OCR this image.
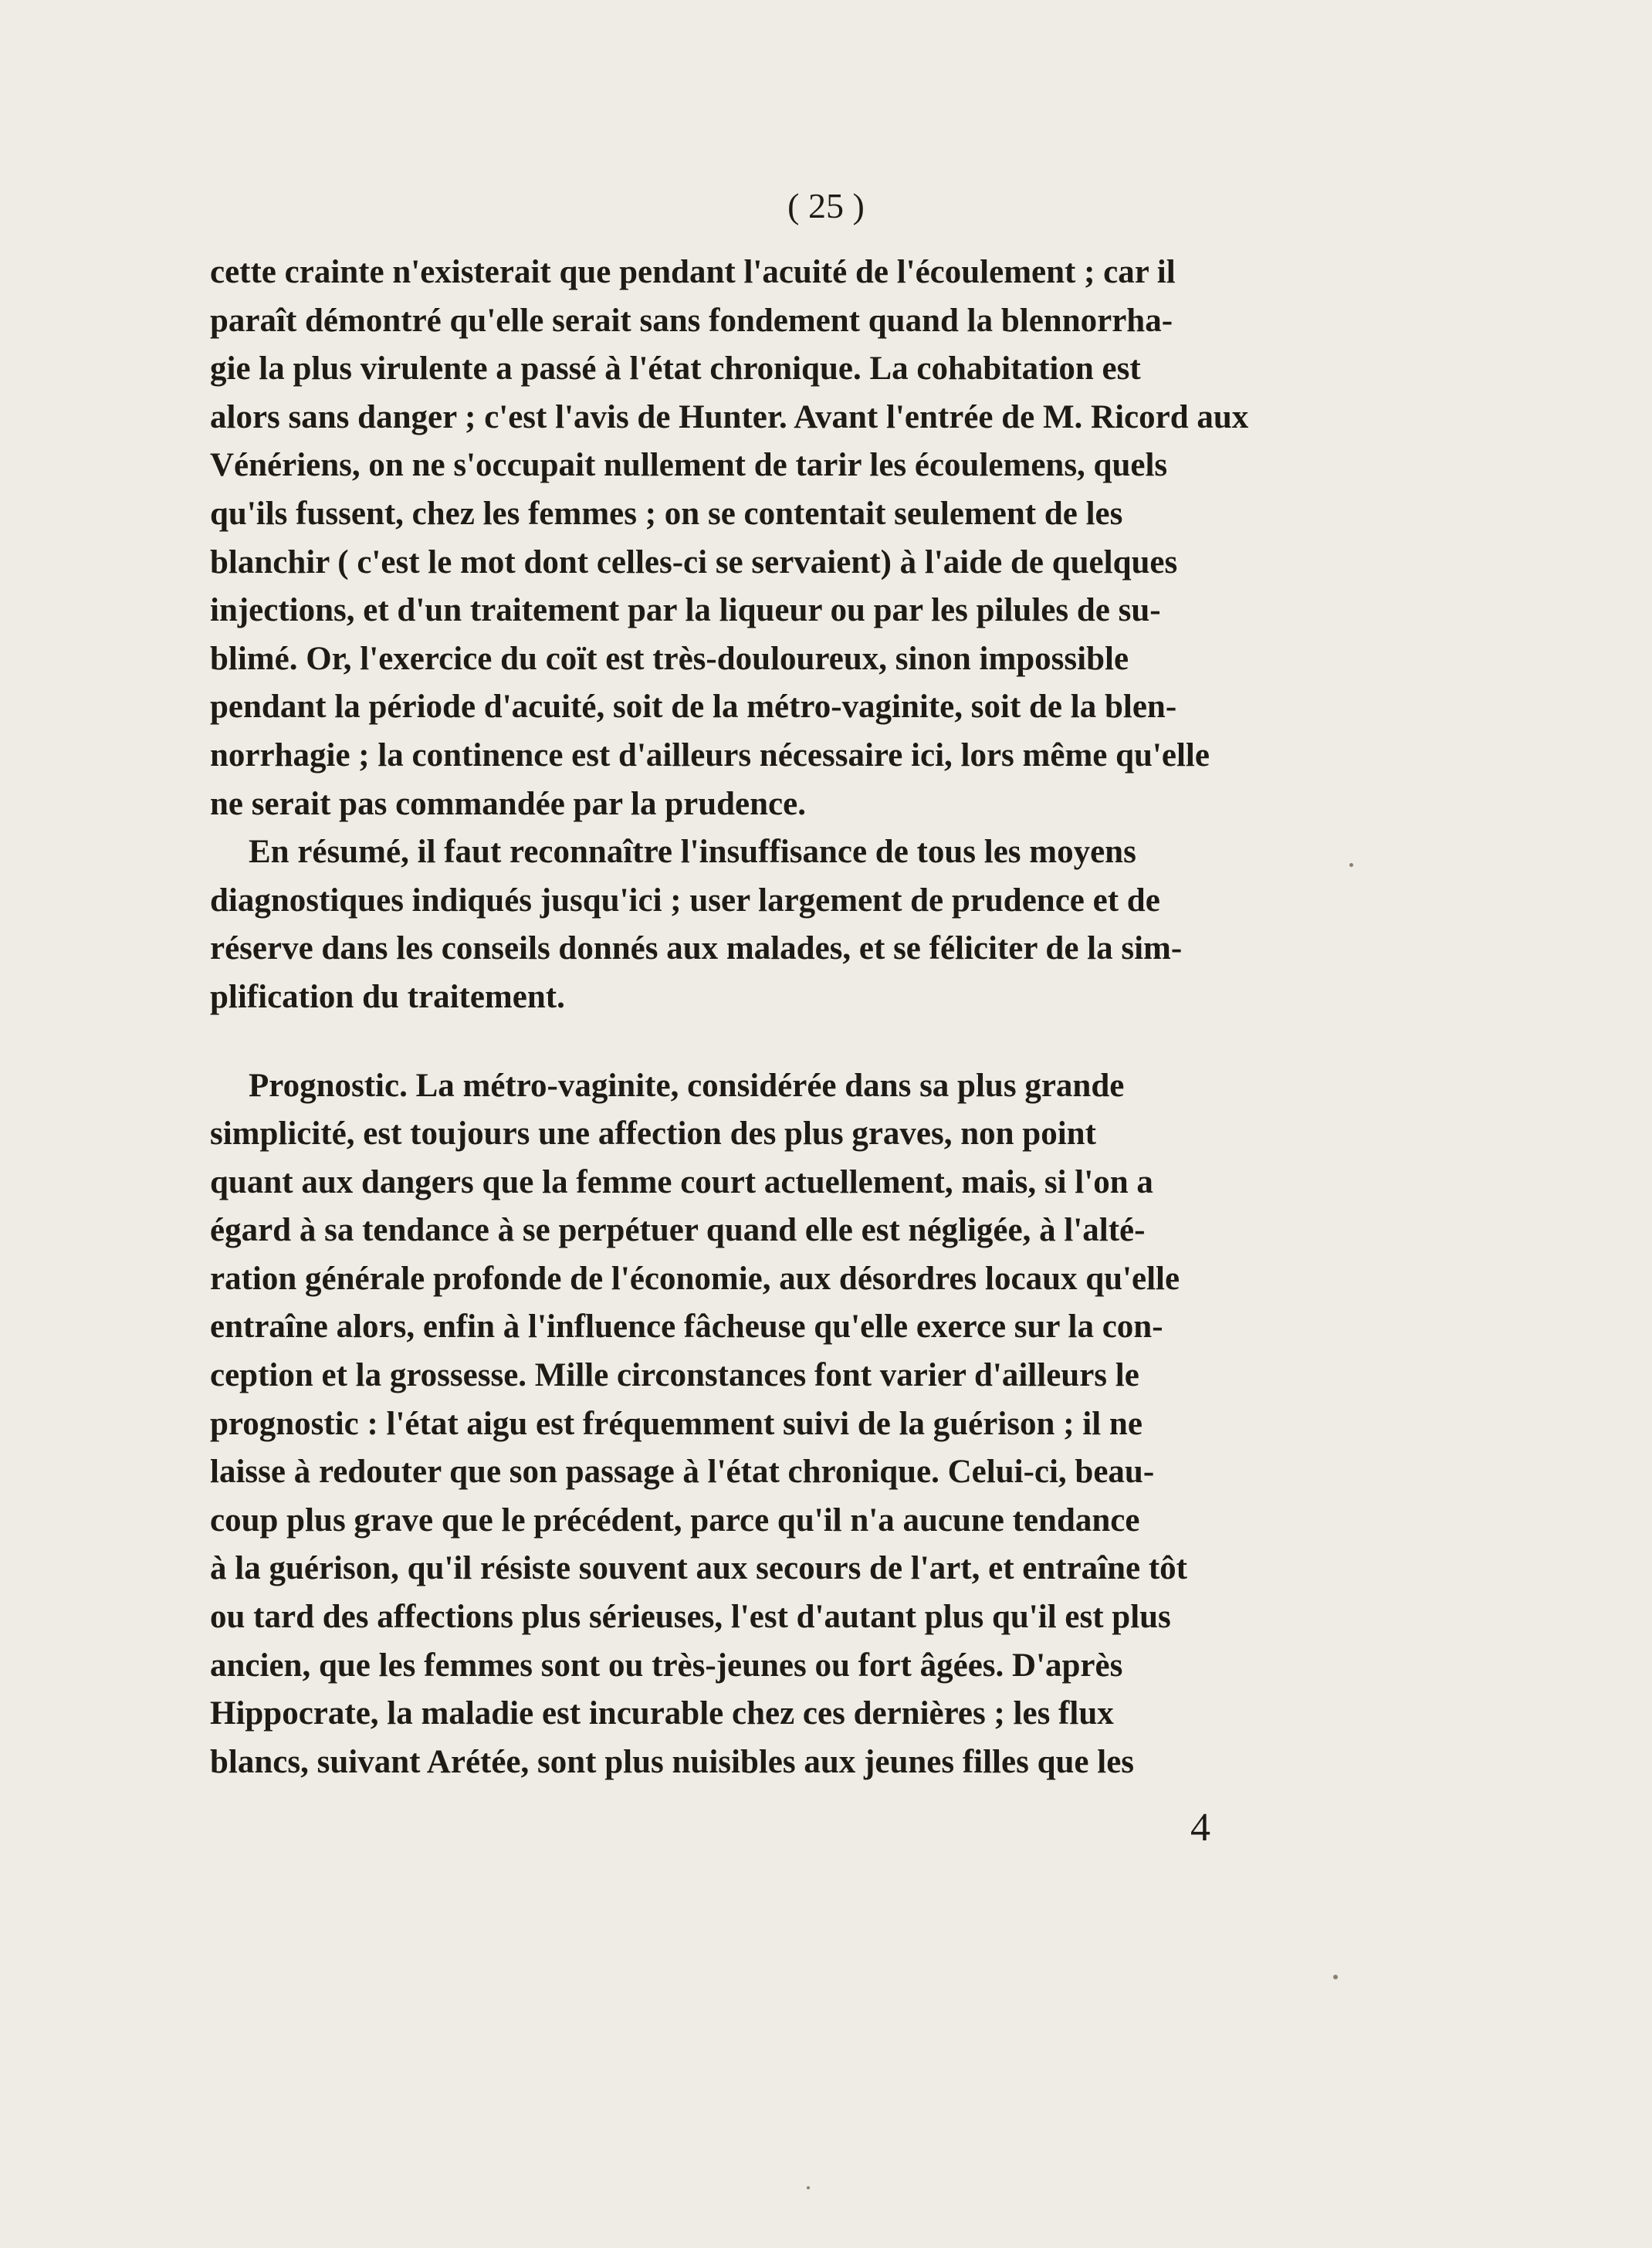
( 25 )

cette crainte n'existerait que pendant l'acuité de l'écoulement ; car il
paraît démontré qu'elle serait sans fondement quand la blennorrha-
gie la plus virulente a passé à l'état chronique. La cohabitation est
alors sans danger ; c'est l'avis de Hunter. Avant l'entrée de M. Ricord aux
Vénériens, on ne s'occupait nullement de tarir les écoulemens, quels
qu'ils fussent, chez les femmes ; on se contentait seulement de les
blanchir ( c'est le mot dont celles-ci se servaient) à l'aide de quelques
injections, et d'un traitement par la liqueur ou par les pilules de su-
blimé. Or, l'exercice du coït est très-douloureux, sinon impossible
pendant la période d'acuité, soit de la métro-vaginite, soit de la blen-
norrhagie ; la continence est d'ailleurs nécessaire ici, lors même qu'elle
ne serait pas commandée par la prudence.

En résumé, il faut reconnaître l'insuffisance de tous les moyens
diagnostiques indiqués jusqu'ici ; user largement de prudence et de
réserve dans les conseils donnés aux malades, et se féliciter de la sim-
plification du traitement.

Prognostic. La métro-vaginite, considérée dans sa plus grande
simplicité, est toujours une affection des plus graves, non point
quant aux dangers que la femme court actuellement, mais, si l'on a
égard à sa tendance à se perpétuer quand elle est négligée, à l'alté-
ration générale profonde de l'économie, aux désordres locaux qu'elle
entraîne alors, enfin à l'influence fâcheuse qu'elle exerce sur la con-
ception et la grossesse. Mille circonstances font varier d'ailleurs le
prognostic : l'état aigu est fréquemment suivi de la guérison ; il ne
laisse à redouter que son passage à l'état chronique. Celui-ci, beau-
coup plus grave que le précédent, parce qu'il n'a aucune tendance
à la guérison, qu'il résiste souvent aux secours de l'art, et entraîne tôt
ou tard des affections plus sérieuses, l'est d'autant plus qu'il est plus
ancien, que les femmes sont ou très-jeunes ou fort âgées. D'après
Hippocrate, la maladie est incurable chez ces dernières ; les flux
blancs, suivant Arétée, sont plus nuisibles aux jeunes filles que les

4
